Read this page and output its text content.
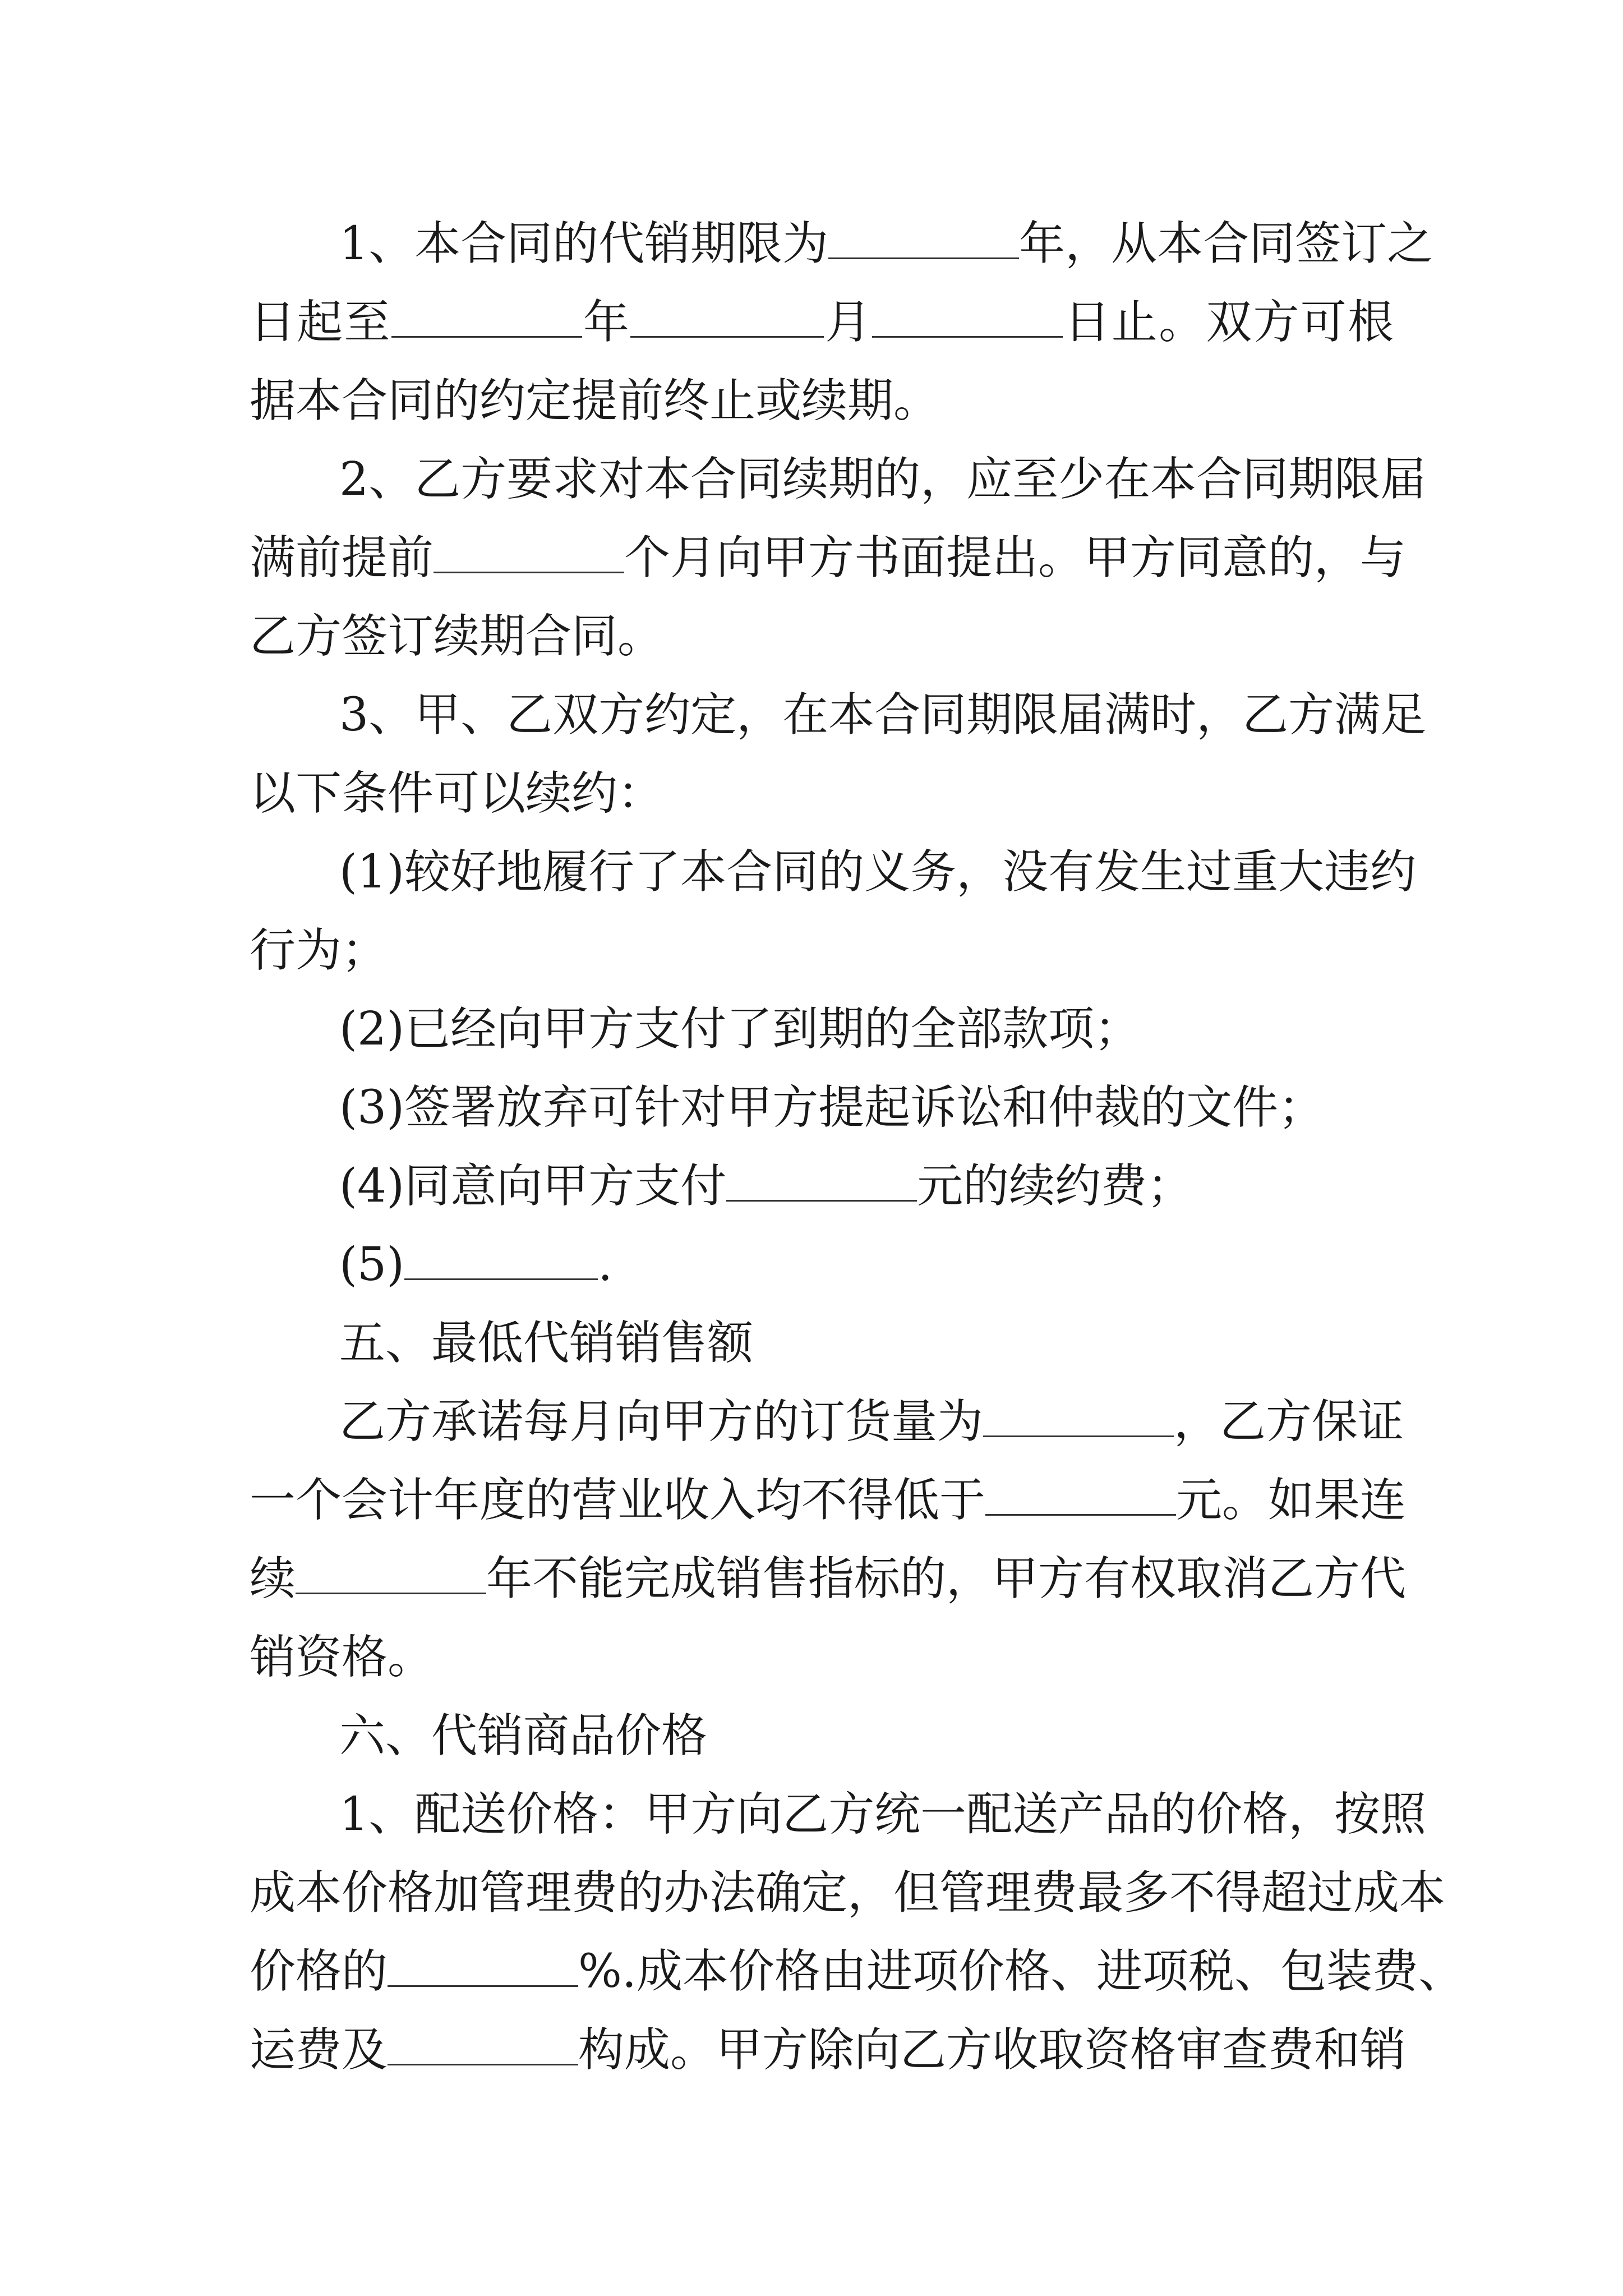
1、本合同的代销期限为	年，从本合同签订之
日起至	年	月	日止。双方可根
据本合同的约定提前终止或续期。
2、乙方要求对本合同续期的，应至少在本合同期限届
满前提前	个月向甲方书面提出。甲方同意的，与
乙方签订续期合同。
3、甲、乙双方约定，在本合同期限届满时，乙方满足
以下条件可以续约：
(1)较好地履行了本合同的义务，没有发生过重大违约
行为；
(2)已经向甲方支付了到期的全部款项；
(3)签署放弃可针对甲方提起诉讼和仲裁的文件；
(4)同意向甲方支付	元的续约费；
(5)	.
五、最低代销销售额
乙方承诺每月向甲方的订货量为	，乙方保证
一个会计年度的营业收入均不得低于	元。如果连
续	年不能完成销售指标的，甲方有权取消乙方代
销资格。
六、代销商品价格
1、配送价格：甲方向乙方统一配送产品的价格，按照
成本价格加管理费的办法确定，但管理费最多不得超过成本
价格的	%.成本价格由进项价格、进项税、包装费、
运费及	构成。甲方除向乙方收取资格审查费和销
